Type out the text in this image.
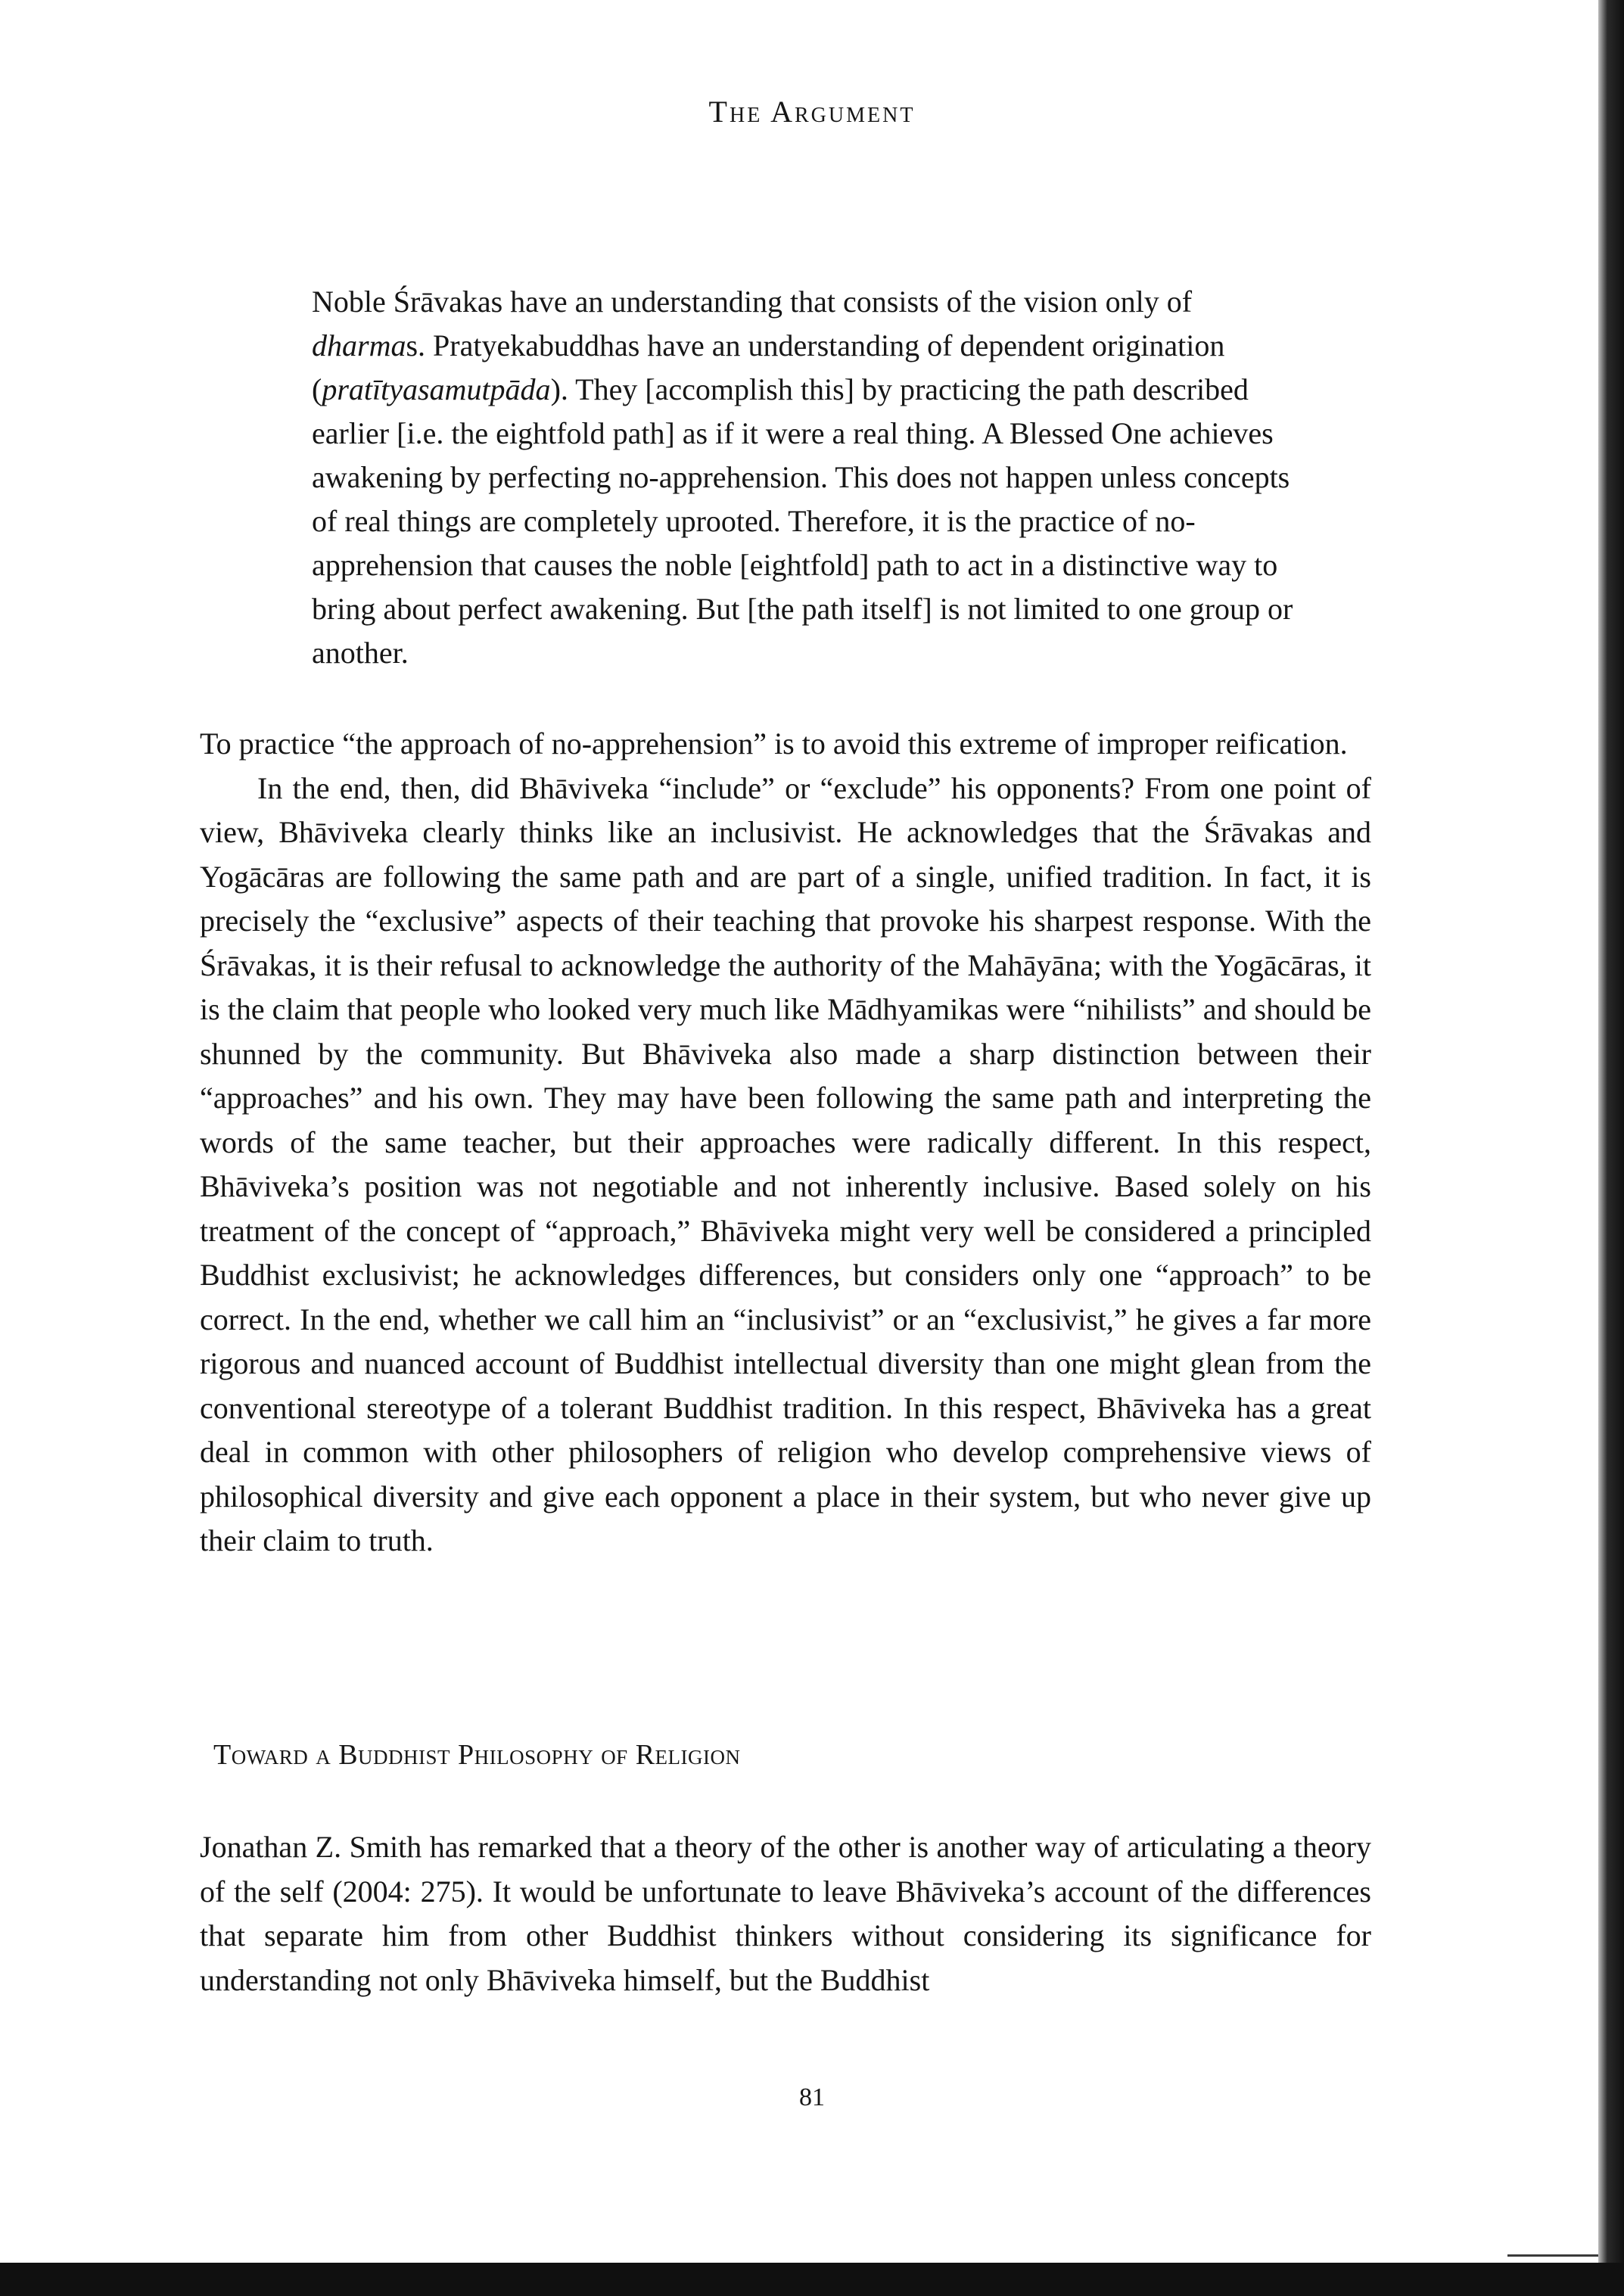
The Argument

Noble Śrāvakas have an understanding that consists of the vision only of dharmas. Pratyekabuddhas have an understanding of dependent origination (pratītyasamutpāda). They [accomplish this] by practicing the path described earlier [i.e. the eightfold path] as if it were a real thing. A Blessed One achieves awakening by perfecting no-apprehension. This does not happen unless concepts of real things are completely uprooted. Therefore, it is the practice of no-apprehension that causes the noble [eightfold] path to act in a distinctive way to bring about perfect awakening. But [the path itself] is not limited to one group or another.

To practice “the approach of no-apprehension” is to avoid this extreme of improper reification.

In the end, then, did Bhāviveka “include” or “exclude” his opponents? From one point of view, Bhāviveka clearly thinks like an inclusivist. He acknowledges that the Śrāvakas and Yogācāras are following the same path and are part of a single, unified tradition. In fact, it is precisely the “exclusive” aspects of their teaching that provoke his sharpest response. With the Śrāvakas, it is their refusal to acknowledge the authority of the Mahāyāna; with the Yogācāras, it is the claim that people who looked very much like Mādhyamikas were “nihilists” and should be shunned by the community. But Bhāviveka also made a sharp distinction between their “approaches” and his own. They may have been following the same path and interpreting the words of the same teacher, but their approaches were radically different. In this respect, Bhāviveka’s position was not negotiable and not inherently inclusive. Based solely on his treatment of the concept of “approach,” Bhāviveka might very well be considered a principled Buddhist exclusivist; he acknowledges differences, but considers only one “approach” to be correct. In the end, whether we call him an “inclusivist” or an “exclusivist,” he gives a far more rigorous and nuanced account of Buddhist intellectual diversity than one might glean from the conventional stereotype of a tolerant Buddhist tradition. In this respect, Bhāviveka has a great deal in common with other philosophers of religion who develop comprehensive views of philosophical diversity and give each opponent a place in their system, but who never give up their claim to truth.

Toward a Buddhist Philosophy of Religion

Jonathan Z. Smith has remarked that a theory of the other is another way of articulating a theory of the self (2004: 275). It would be unfortunate to leave Bhāviveka’s account of the differences that separate him from other Buddhist thinkers without considering its significance for understanding not only Bhāviveka himself, but the Buddhist

81
